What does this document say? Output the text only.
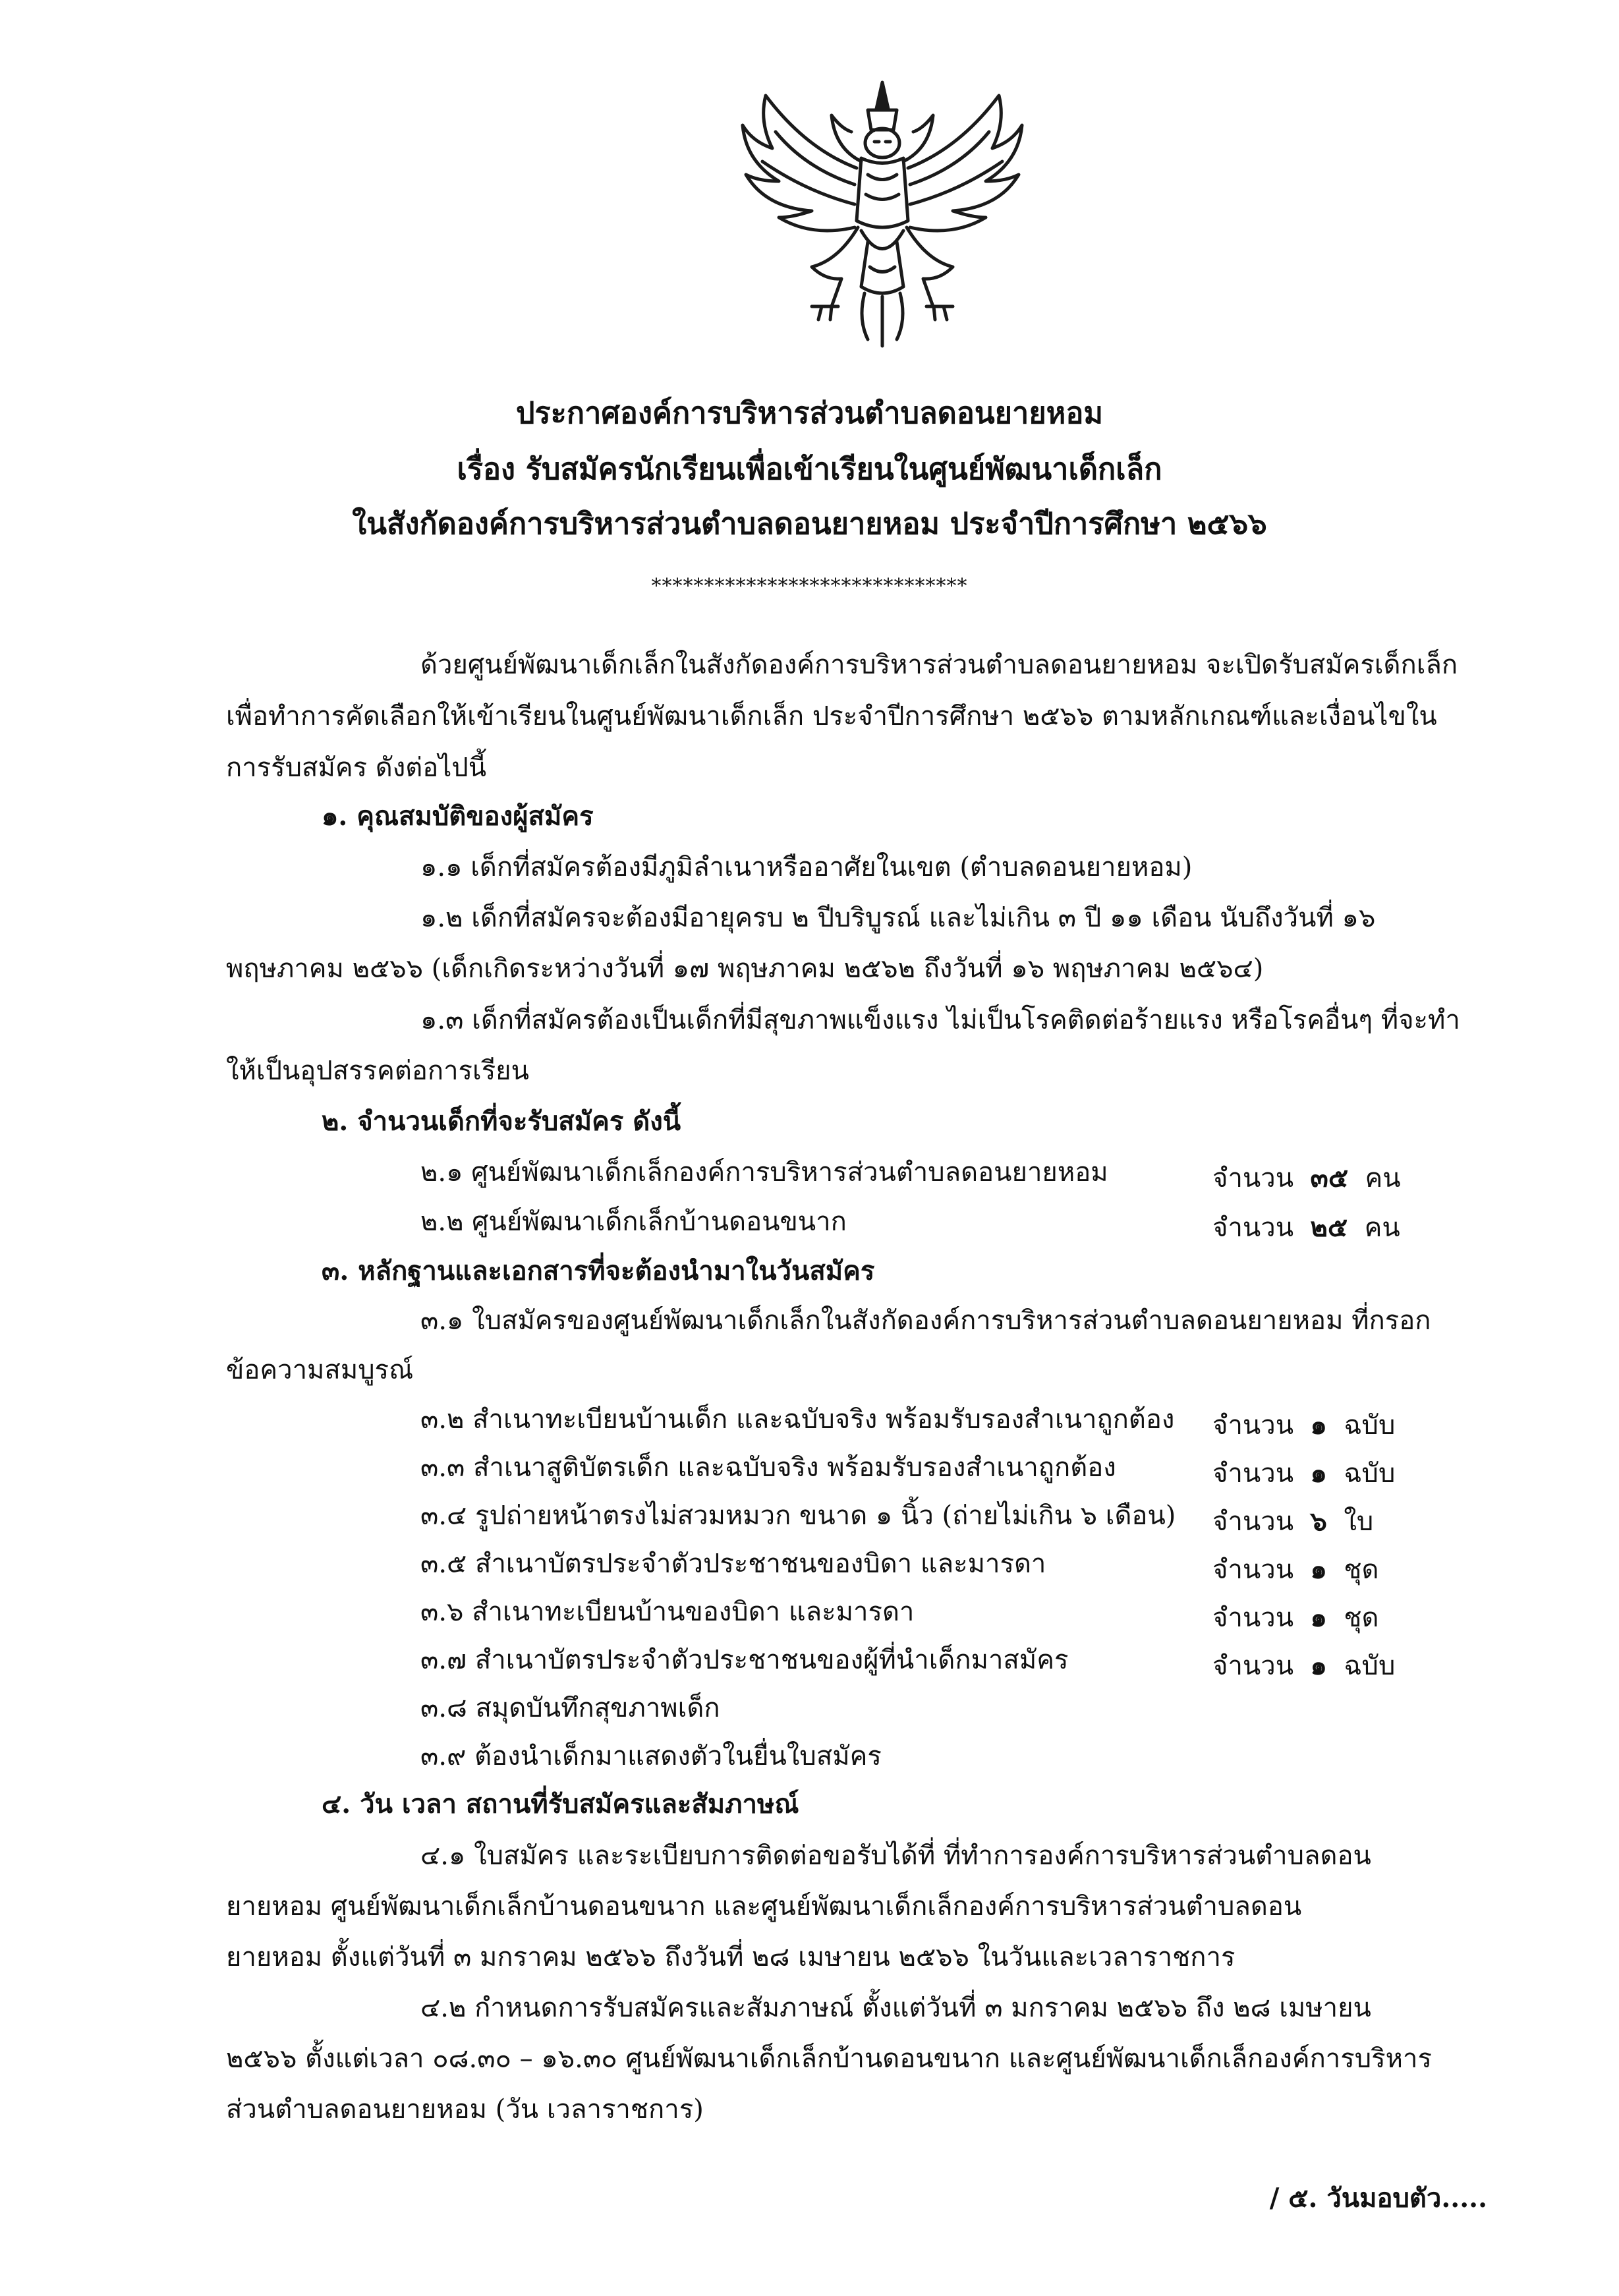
ประกาศองค์การบริหารส่วนตำบลดอนยายหอม
เรื่อง รับสมัครนักเรียนเพื่อเข้าเรียนในศูนย์พัฒนาเด็กเล็ก
ในสังกัดองค์การบริหารส่วนตำบลดอนยายหอม ประจำปีการศึกษา ๒๕๖๖
******************************
ด้วยศูนย์พัฒนาเด็กเล็กในสังกัดองค์การบริหารส่วนตำบลดอนยายหอม จะเปิดรับสมัครเด็กเล็ก
เพื่อทำการคัดเลือกให้เข้าเรียนในศูนย์พัฒนาเด็กเล็ก ประจำปีการศึกษา ๒๕๖๖ ตามหลักเกณฑ์และเงื่อนไขใน
การรับสมัคร ดังต่อไปนี้
๑. คุณสมบัติของผู้สมัคร
๑.๑ เด็กที่สมัครต้องมีภูมิลำเนาหรืออาศัยในเขต (ตำบลดอนยายหอม)
๑.๒ เด็กที่สมัครจะต้องมีอายุครบ ๒ ปีบริบูรณ์ และไม่เกิน ๓ ปี ๑๑ เดือน นับถึงวันที่ ๑๖
พฤษภาคม ๒๕๖๖ (เด็กเกิดระหว่างวันที่ ๑๗ พฤษภาคม ๒๕๖๒ ถึงวันที่ ๑๖ พฤษภาคม ๒๕๖๔)
๑.๓ เด็กที่สมัครต้องเป็นเด็กที่มีสุขภาพแข็งแรง ไม่เป็นโรคติดต่อร้ายแรง หรือโรคอื่นๆ ที่จะทำ
ให้เป็นอุปสรรคต่อการเรียน
๒. จำนวนเด็กที่จะรับสมัคร ดังนี้
๒.๑ ศูนย์พัฒนาเด็กเล็กองค์การบริหารส่วนตำบลดอนยายหอม	จำนวน ๓๕ คน
๒.๒ ศูนย์พัฒนาเด็กเล็กบ้านดอนขนาก	จำนวน ๒๕ คน
๓. หลักฐานและเอกสารที่จะต้องนำมาในวันสมัคร
๓.๑ ใบสมัครของศูนย์พัฒนาเด็กเล็กในสังกัดองค์การบริหารส่วนตำบลดอนยายหอม ที่กรอก
ข้อความสมบูรณ์
๓.๒ สำเนาทะเบียนบ้านเด็ก และฉบับจริง พร้อมรับรองสำเนาถูกต้อง จำนวน ๑ ฉบับ
๓.๓ สำเนาสูติบัตรเด็ก และฉบับจริง พร้อมรับรองสำเนาถูกต้อง	จำนวน ๑ ฉบับ
๓.๔ รูปถ่ายหน้าตรงไม่สวมหมวก ขนาด ๑ นิ้ว (ถ่ายไม่เกิน ๖ เดือน) จำนวน ๖ ใบ
๓.๕ สำเนาบัตรประจำตัวประชาชนของบิดา และมารดา	จำนวน ๑ ชุด
๓.๖ สำเนาทะเบียนบ้านของบิดา และมารดา	จำนวน ๑ ชุด
๓.๗ สำเนาบัตรประจำตัวประชาชนของผู้ที่นำเด็กมาสมัคร	จำนวน ๑ ฉบับ
๓.๘ สมุดบันทึกสุขภาพเด็ก
๓.๙ ต้องนำเด็กมาแสดงตัวในยื่นใบสมัคร
๔. วัน เวลา สถานที่รับสมัครและสัมภาษณ์
๔.๑ ใบสมัคร และระเบียบการติดต่อขอรับได้ที่ ที่ทำการองค์การบริหารส่วนตำบลดอน
ยายหอม ศูนย์พัฒนาเด็กเล็กบ้านดอนขนาก และศูนย์พัฒนาเด็กเล็กองค์การบริหารส่วนตำบลดอน
ยายหอม ตั้งแต่วันที่ ๓ มกราคม ๒๕๖๖ ถึงวันที่ ๒๘ เมษายน ๒๕๖๖ ในวันและเวลาราชการ
๔.๒ กำหนดการรับสมัครและสัมภาษณ์ ตั้งแต่วันที่ ๓ มกราคม ๒๕๖๖ ถึง ๒๘ เมษายน
๒๕๖๖ ตั้งแต่เวลา ๐๘.๓๐ – ๑๖.๓๐ ศูนย์พัฒนาเด็กเล็กบ้านดอนขนาก และศูนย์พัฒนาเด็กเล็กองค์การบริหาร
ส่วนตำบลดอนยายหอม (วัน เวลาราชการ)
/ ๕. วันมอบตัว.....
